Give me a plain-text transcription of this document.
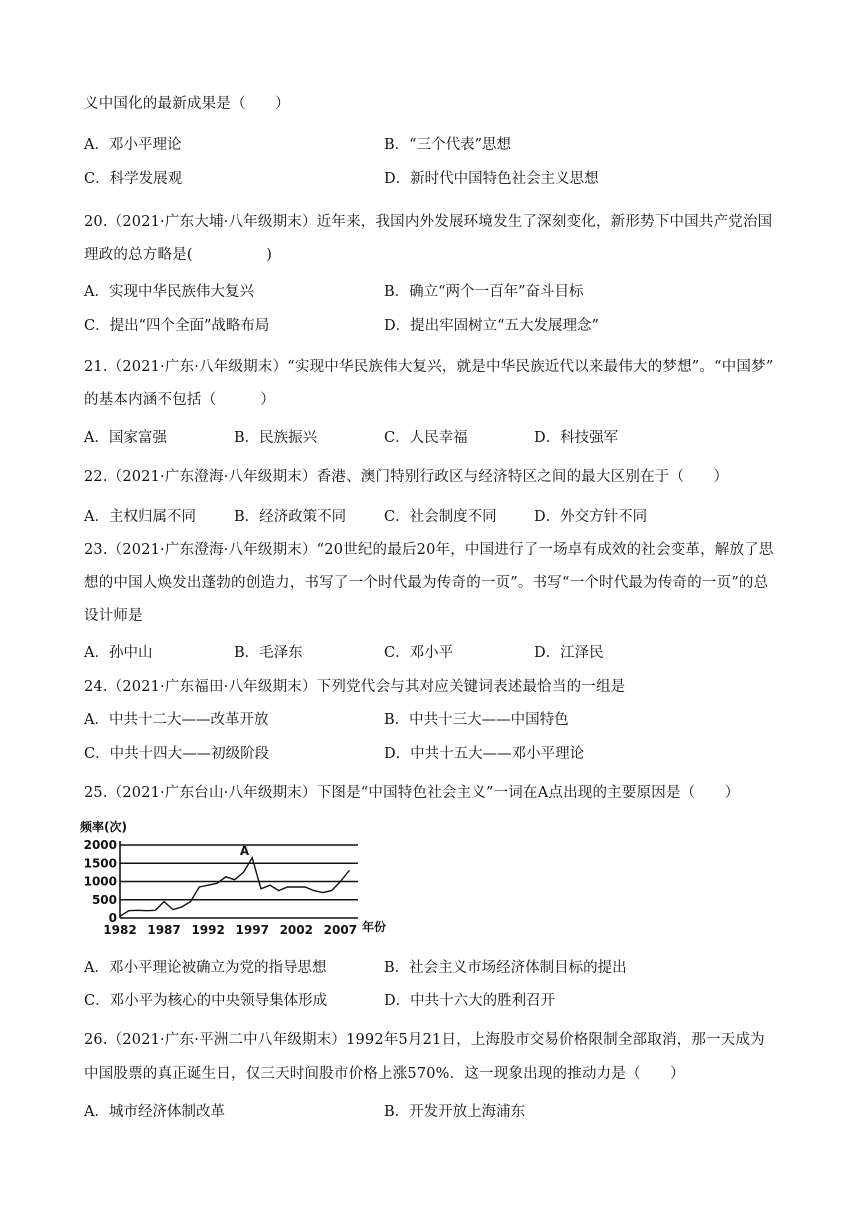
义中国化的最新成果是（　　）
20.（2021·广东大埔·八年级期末）近年来，我国内外发展环境发生了深刻变化，新形势下中国共产党治国
理政的总方略是(　　　　　)
21.（2021·广东·八年级期末）“实现中华民族伟大复兴，就是中华民族近代以来最伟大的梦想”。“中国梦”
的基本内涵不包括（　　　）
22.（2021·广东澄海·八年级期末）香港、澳门特别行政区与经济特区之间的最大区别在于（　　）
23.（2021·广东澄海·八年级期末）“20世纪的最后20年，中国进行了一场卓有成效的社会变革，解放了思
想的中国人焕发出蓬勃的创造力，书写了一个时代最为传奇的一页”。书写“一个时代最为传奇的一页”的总
设计师是
24.（2021·广东福田·八年级期末）下列党代会与其对应关键词表述最恰当的一组是
25.（2021·广东台山·八年级期末）下图是“中国特色社会主义”一词在A点出现的主要原因是（　　）
26.（2021·广东·平洲二中八年级期末）1992年5月21日，上海股市交易价格限制全部取消，那一天成为
中国股票的真正诞生日，仅三天时间股市价格上涨570%．这一现象出现的推动力是（　　）
A．邓小平理论	B．“三个代表”思想
C．科学发展观	D．新时代中国特色社会主义思想
A．实现中华民族伟大复兴	B．确立“两个一百年”奋斗目标
C．提出“四个全面”战略布局	D．提出牢固树立“五大发展理念”
A．国家富强	B．民族振兴	C．人民幸福	D．科技强军
A．主权归属不同	B．经济政策不同	C．社会制度不同	D．外交方针不同
A．孙中山	B．毛泽东	C．邓小平	D．江泽民
A．中共十二大——改革开放	B．中共十三大——中国特色
C．中共十四大——初级阶段	D．中共十五大——邓小平理论
A．邓小平理论被确立为党的指导思想	B．社会主义市场经济体制目标的提出
C．邓小平为核心的中央领导集体形成	D．中共十六大的胜利召开
A．城市经济体制改革	B．开发开放上海浦东
频率(次)
0
500
1000
1500
2000
1982 1987 1992 1997 2002 2007 年份
A
